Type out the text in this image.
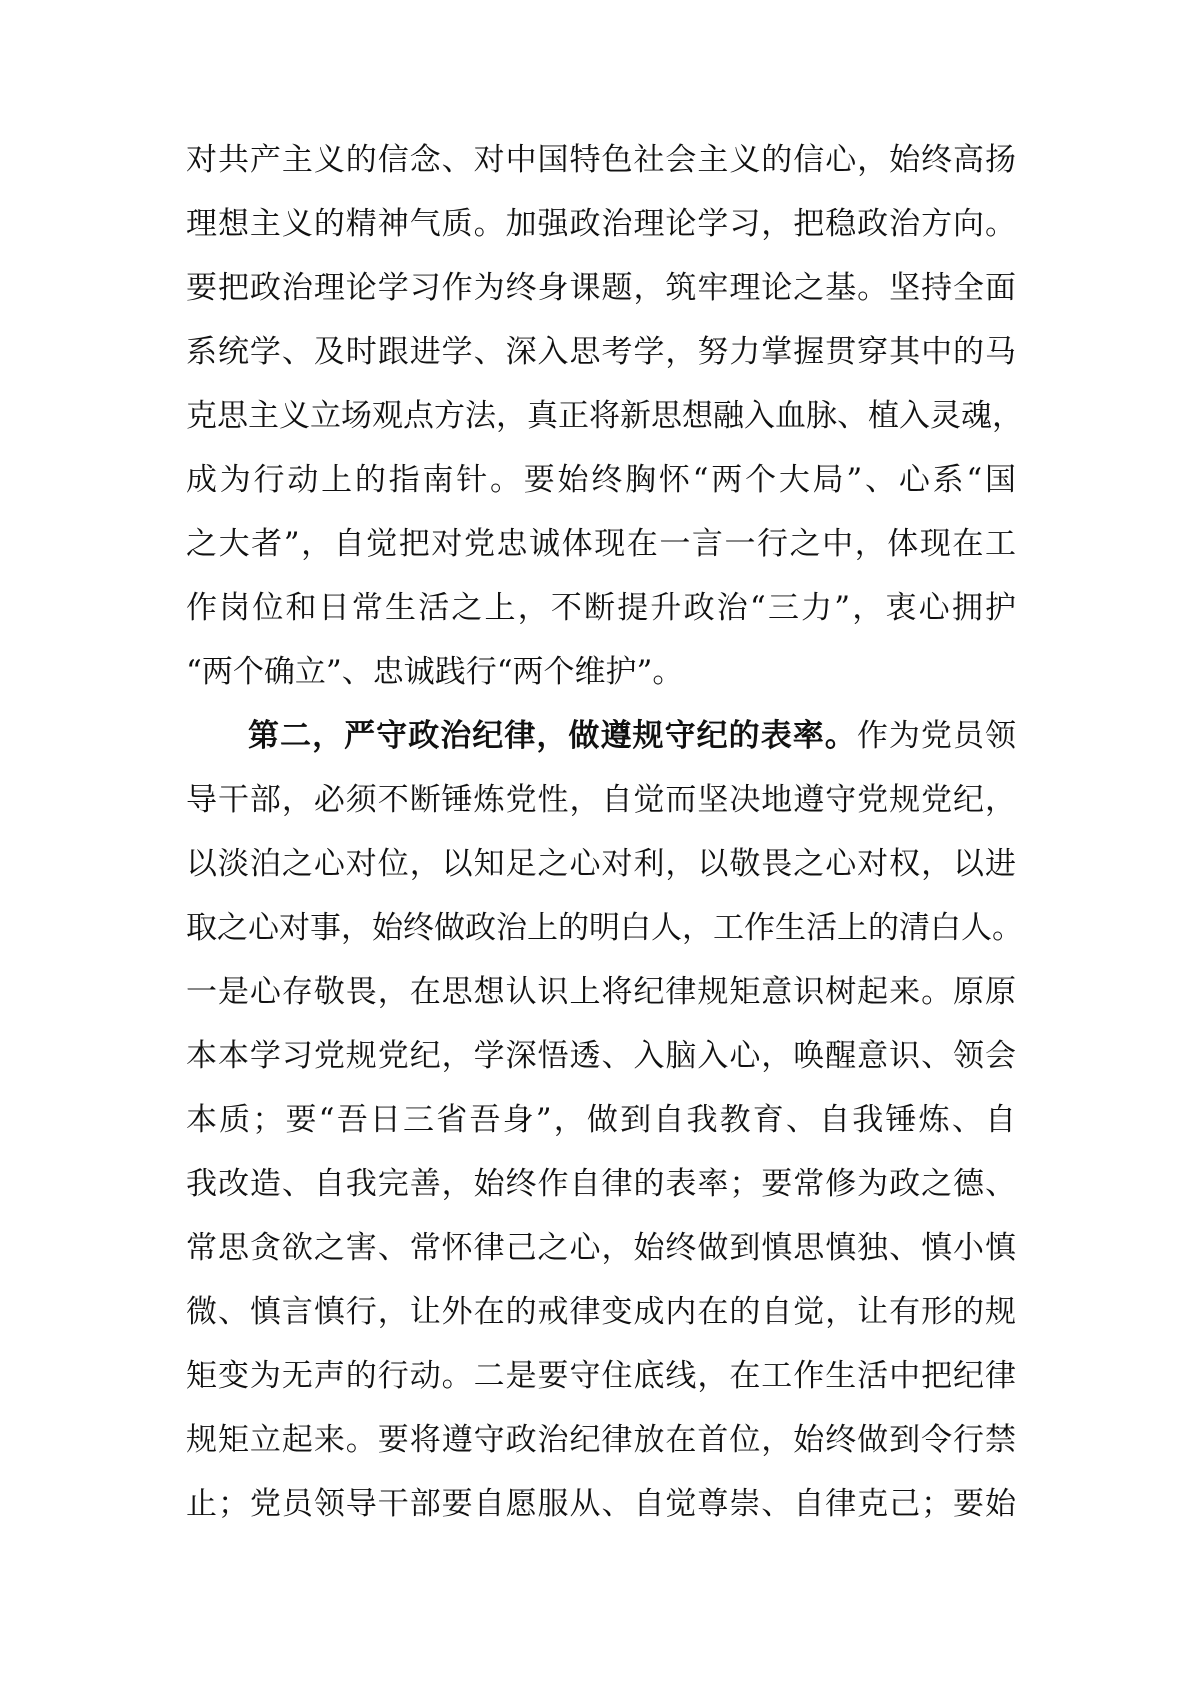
对共产主义的信念、对中国特色社会主义的信心，始终高扬
理想主义的精神气质。加强政治理论学习，把稳政治方向。
要把政治理论学习作为终身课题，筑牢理论之基。坚持全面
系统学、及时跟进学、深入思考学，努力掌握贯穿其中的马
克思主义立场观点方法，真正将新思想融入血脉、植入灵魂，
成为行动上的指南针。要始终胸怀“两个大局”、心系“国
之大者”，自觉把对党忠诚体现在一言一行之中，体现在工
作岗位和日常生活之上，不断提升政治“三力”，衷心拥护
“两个确立”、忠诚践行“两个维护”。
第二，严守政治纪律，做遵规守纪的表率。作为党员领
导干部，必须不断锤炼党性，自觉而坚决地遵守党规党纪，
以淡泊之心对位，以知足之心对利，以敬畏之心对权，以进
取之心对事，始终做政治上的明白人，工作生活上的清白人。
一是心存敬畏，在思想认识上将纪律规矩意识树起来。原原
本本学习党规党纪，学深悟透、入脑入心，唤醒意识、领会
本质；要“吾日三省吾身”，做到自我教育、自我锤炼、自
我改造、自我完善，始终作自律的表率；要常修为政之德、
常思贪欲之害、常怀律己之心，始终做到慎思慎独、慎小慎
微、慎言慎行，让外在的戒律变成内在的自觉，让有形的规
矩变为无声的行动。二是要守住底线，在工作生活中把纪律
规矩立起来。要将遵守政治纪律放在首位，始终做到令行禁
止；党员领导干部要自愿服从、自觉尊崇、自律克己；要始
